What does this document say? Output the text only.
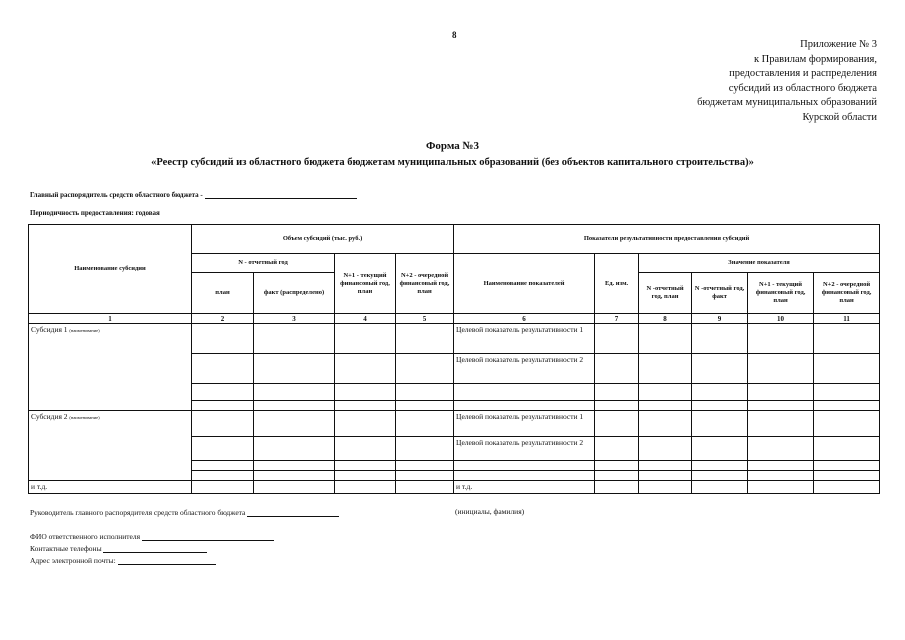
8
Приложение № 3
к Правилам формирования,
предоставления и распределения
субсидий из областного бюджета
бюджетам муниципальных образований
Курской области
Форма №3
«Реестр субсидий из областного бюджета бюджетам муниципальных образований (без объектов капитального строительства)»
Главный распорядитель средств областного бюджета -
Периодичность предоставления: годовая
Наименование субсидии	Объем субсидий (тыс. руб.)				Показатели результативности предоставления субсидий					
	N - отчетный год		N+1 - текущий финансовый год, план	N+2 - очередной финансовый год, план	Наименование показателей	Ед. изм.	Значение показателя			
	план	факт (распределено)					N -отчетный год, план	N -отчетный год, факт	N+1 - текущий финансовый год, план	N+2 - очередной финансовый год, план
1	2	3	4	5	6	7	8	9	10	11
Субсидия 1 (наименование)					Целевой показатель результативности 1					
					Целевой показатель результативности 2					

Субсидия 2 (наименование)					Целевой показатель результативности 1					
					Целевой показатель результативности 2					

и т.д.					и т.д.					
Руководитель главного распорядителя средств областного бюджета	(инициалы, фамилия)
ФИО ответственного исполнителя
Контактные телефоны
Адрес электронной почты:
